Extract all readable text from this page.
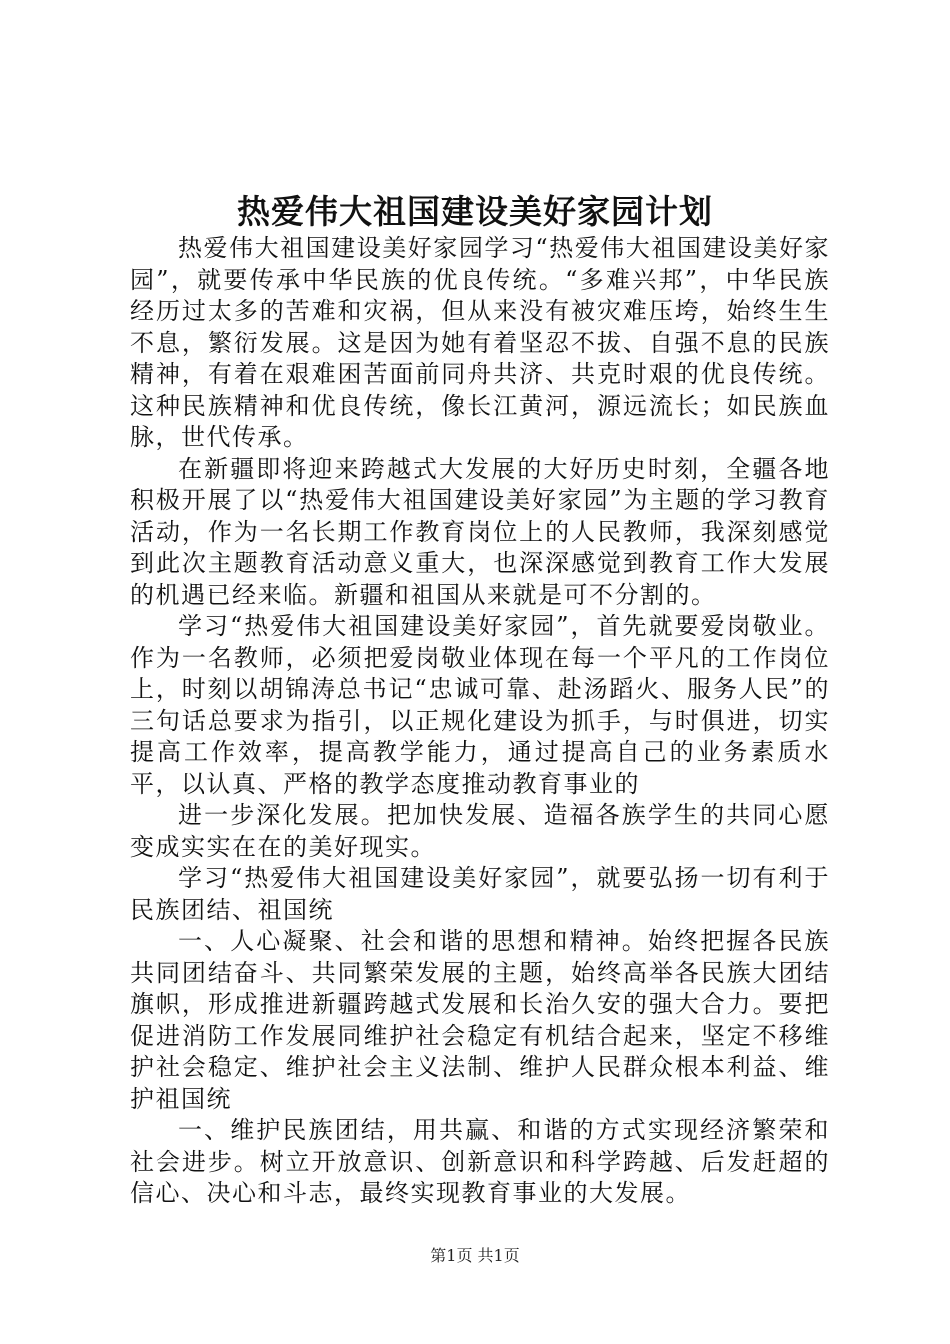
热爱伟大祖国建设美好家园计划

热爱伟大祖国建设美好家园学习“热爱伟大祖国建设美好家园”，就要传承中华民族的优良传统。“多难兴邦”，中华民族经历过太多的苦难和灾祸，但从来没有被灾难压垮，始终生生不息，繁衍发展。这是因为她有着坚忍不拔、自强不息的民族精神，有着在艰难困苦面前同舟共济、共克时艰的优良传统。这种民族精神和优良传统，像长江黄河，源远流长；如民族血脉，世代传承。

在新疆即将迎来跨越式大发展的大好历史时刻，全疆各地积极开展了以“热爱伟大祖国建设美好家园”为主题的学习教育活动，作为一名长期工作教育岗位上的人民教师，我深刻感觉到此次主题教育活动意义重大，也深深感觉到教育工作大发展的机遇已经来临。新疆和祖国从来就是可不分割的。

学习“热爱伟大祖国建设美好家园”，首先就要爱岗敬业。作为一名教师，必须把爱岗敬业体现在每一个平凡的工作岗位上，时刻以胡锦涛总书记“忠诚可靠、赴汤蹈火、服务人民”的三句话总要求为指引，以正规化建设为抓手，与时俱进，切实提高工作效率，提高教学能力，通过提高自己的业务素质水平，以认真、严格的教学态度推动教育事业的

进一步深化发展。把加快发展、造福各族学生的共同心愿变成实实在在的美好现实。

学习“热爱伟大祖国建设美好家园”，就要弘扬一切有利于民族团结、祖国统

一、人心凝聚、社会和谐的思想和精神。始终把握各民族共同团结奋斗、共同繁荣发展的主题，始终高举各民族大团结旗帜，形成推进新疆跨越式发展和长治久安的强大合力。要把促进消防工作发展同维护社会稳定有机结合起来，坚定不移维护社会稳定、维护社会主义法制、维护人民群众根本利益、维护祖国统

一、维护民族团结，用共赢、和谐的方式实现经济繁荣和社会进步。树立开放意识、创新意识和科学跨越、后发赶超的信心、决心和斗志，最终实现教育事业的大发展。

第1页 共1页
